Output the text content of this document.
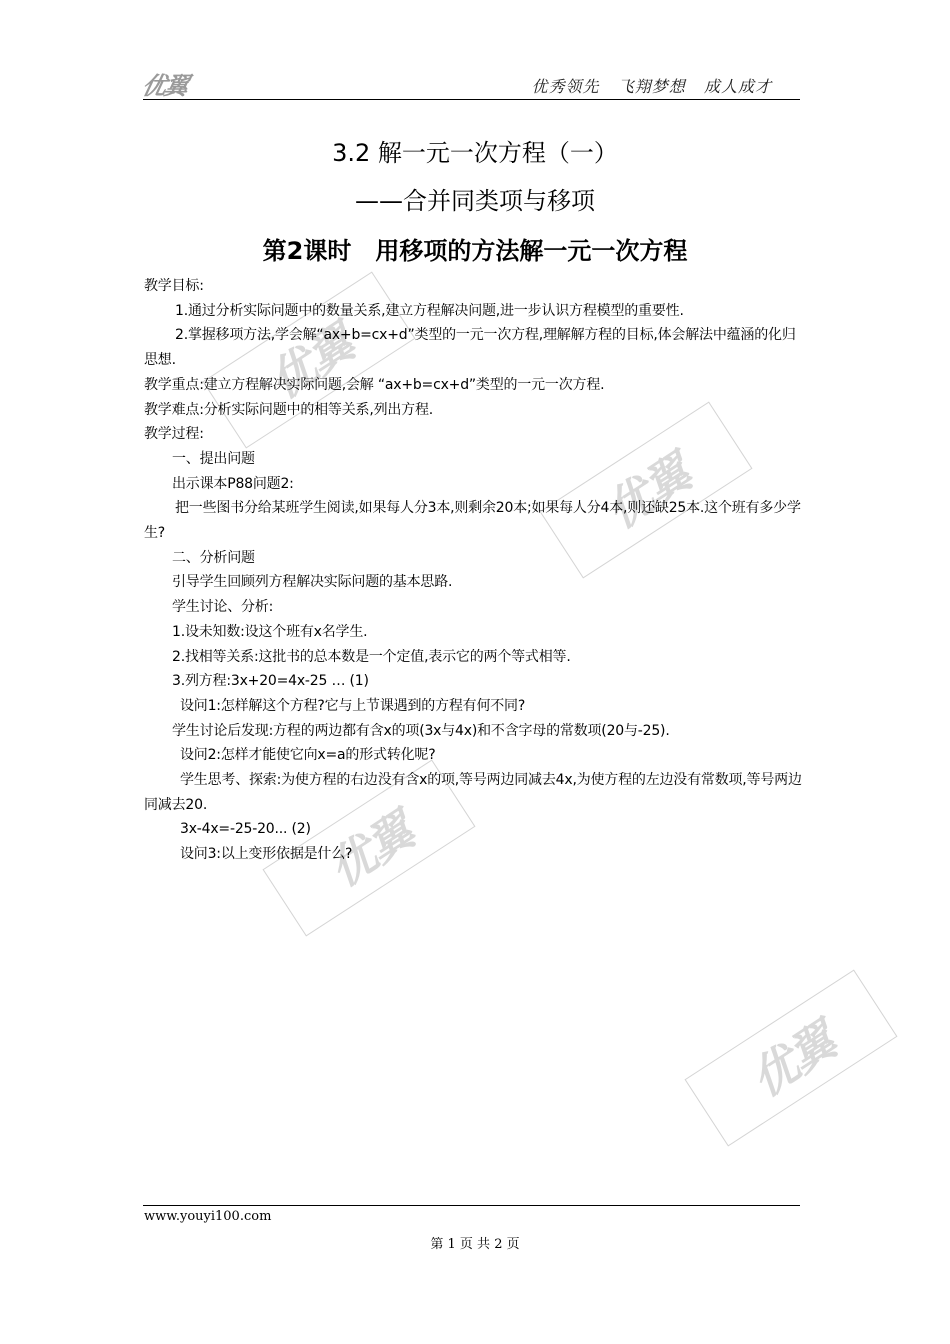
优翼	优秀领先   飞翔梦想   成人成才
优翼
优翼
优翼
优翼
3.2 解一元一次方程（一）
——合并同类项与移项
第2课时　用移项的方法解一元一次方程

教学目标:

1.通过分析实际问题中的数量关系,建立方程解决问题,进一步认识方程模型的重要性.

2.掌握移项方法,学会解“ax+b=cx+d”类型的一元一次方程,理解解方程的目标,体会解法中蕴涵的化归思想.

教学重点:建立方程解决实际问题,会解 “ax+b=cx+d”类型的一元一次方程.

教学难点:分析实际问题中的相等关系,列出方程.

教学过程:

一、提出问题

出示课本P88问题2:

把一些图书分给某班学生阅读,如果每人分3本,则剩余20本;如果每人分4本,则还缺25本.这个班有多少学生?

二、分析问题

引导学生回顾列方程解决实际问题的基本思路.

学生讨论、分析:

1.设未知数:设这个班有x名学生.

2.找相等关系:这批书的总本数是一个定值,表示它的两个等式相等.

3.列方程:3x+20=4x-25 … (1)

设问1:怎样解这个方程?它与上节课遇到的方程有何不同?

学生讨论后发现:方程的两边都有含x的项(3x与4x)和不含字母的常数项(20与-25).

设问2:怎样才能使它向x=a的形式转化呢?

学生思考、探索:为使方程的右边没有含x的项,等号两边同减去4x,为使方程的左边没有常数项,等号两边同减去20.

3x-4x=-25-20... (2)

设问3:以上变形依据是什么?

www.youyi100.com
第 1 页 共 2 页
